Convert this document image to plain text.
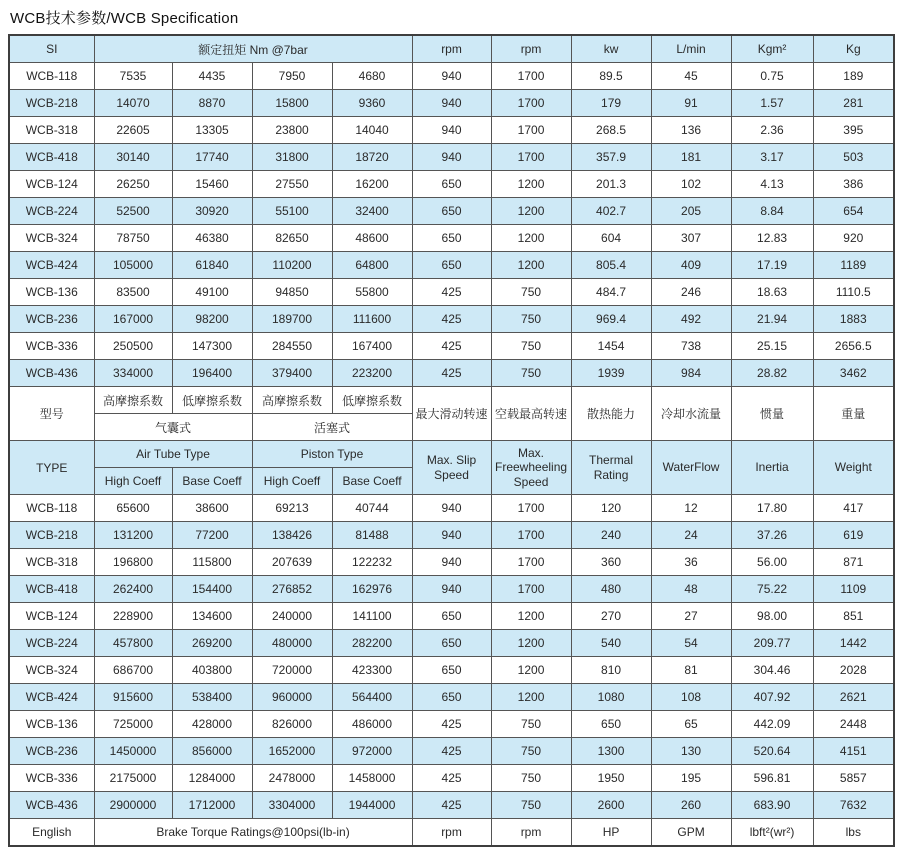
WCB技术参数/WCB Specification
SI	额定扭矩 Nm @7bar				rpm	rpm	kw	L/min	Kgm²	Kg
WCB-118	7535	4435	7950	4680	940	1700	89.5	45	0.75	189
WCB-218	14070	8870	15800	9360	940	1700	179	91	1.57	281
WCB-318	22605	13305	23800	14040	940	1700	268.5	136	2.36	395
WCB-418	30140	17740	31800	18720	940	1700	357.9	181	3.17	503
WCB-124	26250	15460	27550	16200	650	1200	201.3	102	4.13	386
WCB-224	52500	30920	55100	32400	650	1200	402.7	205	8.84	654
WCB-324	78750	46380	82650	48600	650	1200	604	307	12.83	920
WCB-424	105000	61840	110200	64800	650	1200	805.4	409	17.19	1189
WCB-136	83500	49100	94850	55800	425	750	484.7	246	18.63	1110.5
WCB-236	167000	98200	189700	111600	425	750	969.4	492	21.94	1883
WCB-336	250500	147300	284550	167400	425	750	1454	738	25.15	2656.5
WCB-436	334000	196400	379400	223200	425	750	1939	984	28.82	3462
型号	高摩擦系数	低摩擦系数	高摩擦系数	低摩擦系数	最大滑动转速	空载最高转速	散热能力	冷却水流量	惯量	重量
	气囊式		活塞式							
TYPE	Air Tube Type		Piston Type		Max. Slip Speed	Max. Freewheeling Speed	Thermal Rating	WaterFlow	Inertia	Weight
	High Coeff	Base Coeff	High Coeff	Base Coeff						
WCB-118	65600	38600	69213	40744	940	1700	120	12	17.80	417
WCB-218	131200	77200	138426	81488	940	1700	240	24	37.26	619
WCB-318	196800	115800	207639	122232	940	1700	360	36	56.00	871
WCB-418	262400	154400	276852	162976	940	1700	480	48	75.22	1109
WCB-124	228900	134600	240000	141100	650	1200	270	27	98.00	851
WCB-224	457800	269200	480000	282200	650	1200	540	54	209.77	1442
WCB-324	686700	403800	720000	423300	650	1200	810	81	304.46	2028
WCB-424	915600	538400	960000	564400	650	1200	1080	108	407.92	2621
WCB-136	725000	428000	826000	486000	425	750	650	65	442.09	2448
WCB-236	1450000	856000	1652000	972000	425	750	1300	130	520.64	4151
WCB-336	2175000	1284000	2478000	1458000	425	750	1950	195	596.81	5857
WCB-436	2900000	1712000	3304000	1944000	425	750	2600	260	683.90	7632
English	Brake Torque Ratings@100psi(lb-in)				rpm	rpm	HP	GPM	lbft²(wr²)	lbs
